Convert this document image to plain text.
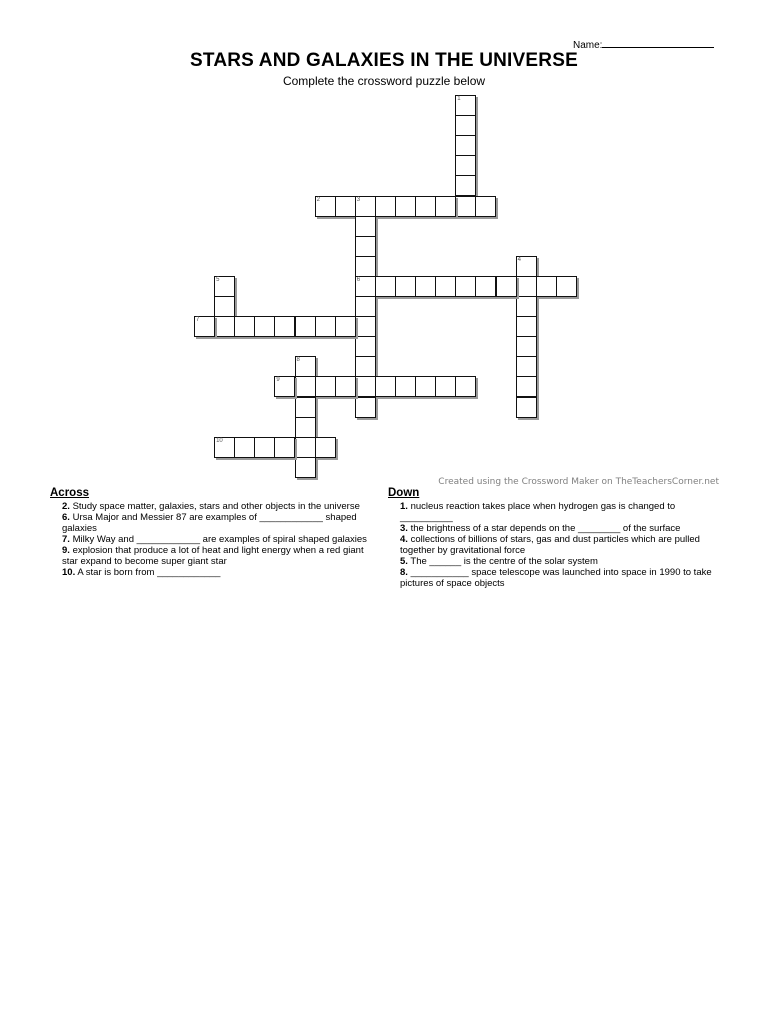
Name:
STARS AND GALAXIES IN THE UNIVERSE
Complete the crossword puzzle below
1
2	3
6
4
5
7
8
9
10
Created using the Crossword Maker on TheTeachersCorner.net
Across

2. Study space matter, galaxies, stars and other objects in the universe

6. Ursa Major and Messier 87 are examples of ____________ shaped galaxies

7. Milky Way and ____________ are examples of spiral shaped galaxies

9. explosion that produce a lot of heat and light energy when a red giant star expand to become super giant star

10. A star is born from ____________

Down

1. nucleus reaction takes place when hydrogen gas is changed to __________

3. the brightness of a star depends on the ________ of the surface

4. collections of billions of stars, gas and dust particles which are pulled together by gravitational force

5. The ______ is the centre of the solar system

8. ___________ space telescope was launched into space in 1990 to take pictures of space objects
